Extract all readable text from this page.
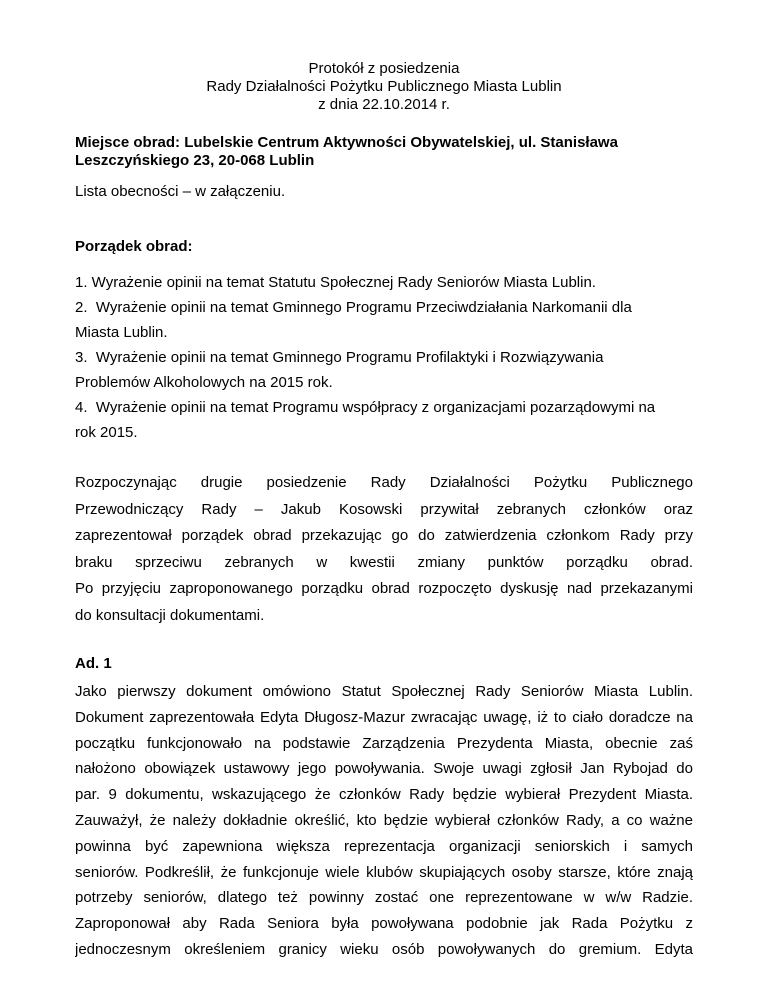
Protokół z posiedzenia
Rady Działalności Pożytku Publicznego Miasta Lublin
z dnia 22.10.2014 r.
Miejsce obrad: Lubelskie Centrum Aktywności Obywatelskiej, ul. Stanisława
Leszczyńskiego 23, 20-068 Lublin
Lista obecności – w załączeniu.
Porządek obrad:
1. Wyrażenie opinii na temat Statutu Społecznej Rady Seniorów Miasta Lublin.
2.  Wyrażenie opinii na temat Gminnego Programu Przeciwdziałania Narkomanii dla
Miasta Lublin.
3.  Wyrażenie opinii na temat Gminnego Programu Profilaktyki i Rozwiązywania
Problemów Alkoholowych na 2015 rok.
4.  Wyrażenie opinii na temat Programu współpracy z organizacjami pozarządowymi na
rok 2015.
Rozpoczynając drugie posiedzenie Rady Działalności Pożytku Publicznego
Przewodniczący Rady – Jakub Kosowski przywitał zebranych członków oraz
zaprezentował porządek obrad przekazując go do zatwierdzenia członkom Rady przy
braku sprzeciwu zebranych w kwestii zmiany punktów porządku obrad.
Po przyjęciu zaproponowanego porządku obrad rozpoczęto dyskusję nad przekazanymi
do konsultacji dokumentami.
Ad. 1
Jako pierwszy dokument omówiono Statut Społecznej Rady Seniorów Miasta Lublin.
Dokument zaprezentowała Edyta Długosz-Mazur zwracając uwagę, iż to ciało doradcze na
początku funkcjonowało na podstawie Zarządzenia Prezydenta Miasta, obecnie zaś
nałożono obowiązek ustawowy jego powoływania. Swoje uwagi zgłosił Jan Rybojad do
par. 9 dokumentu, wskazującego że członków Rady będzie wybierał Prezydent Miasta.
Zauważył, że należy dokładnie określić, kto będzie wybierał członków Rady, a co ważne
powinna być zapewniona większa reprezentacja organizacji seniorskich i samych
seniorów. Podkreślił, że funkcjonuje wiele klubów skupiających osoby starsze, które znają
potrzeby seniorów, dlatego też powinny zostać one reprezentowane w w/w Radzie.
Zaproponował aby Rada Seniora była powoływana podobnie jak Rada Pożytku z
jednoczesnym określeniem granicy wieku osób powoływanych do gremium. Edyta
